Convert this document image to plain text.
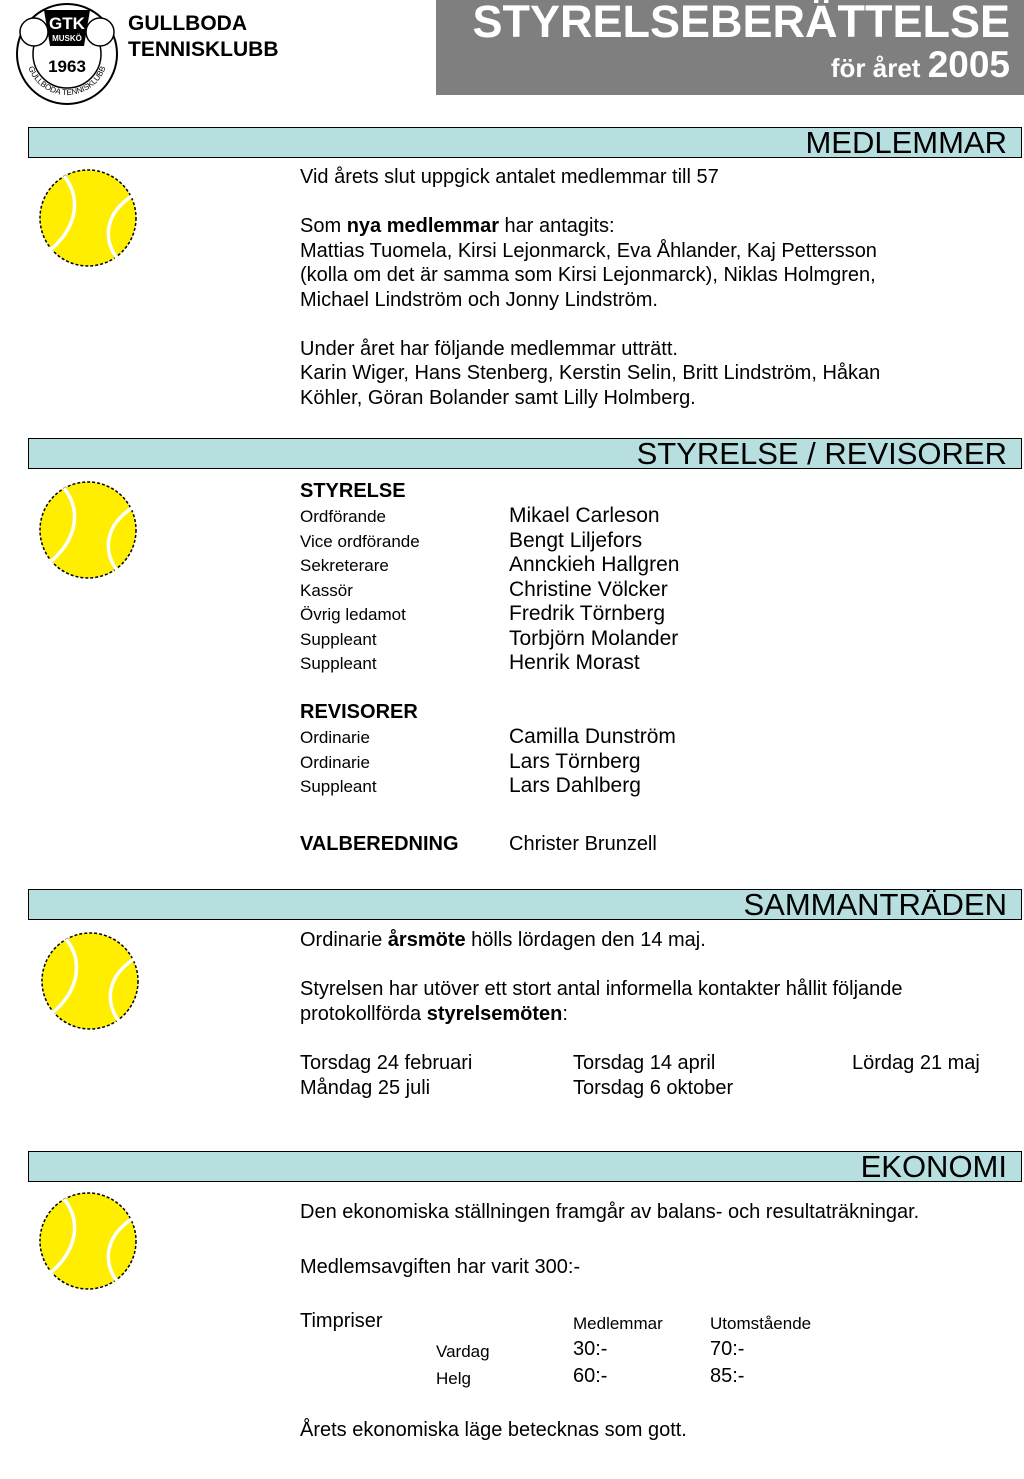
GTK
MUSKÖ
1963
GULLBODA TENNISKLUBB
GULLBODA
TENNISKLUBB
STYRELSEBERÄTTELSE
för året 2005
MEDLEMMAR
Vid årets slut uppgick antalet medlemmar till 57
Som nya medlemmar har antagits:
Mattias Tuomela, Kirsi Lejonmarck, Eva Åhlander, Kaj Pettersson
(kolla om det är samma som Kirsi Lejonmarck), Niklas Holmgren,
Michael Lindström och Jonny Lindström.
Under året har följande medlemmar utträtt.
Karin Wiger, Hans Stenberg, Kerstin Selin, Britt Lindström, Håkan
Köhler, Göran Bolander samt Lilly Holmberg.
STYRELSE / REVISORER
STYRELSE
Ordförande	Mikael Carleson
Vice ordförande	Bengt Liljefors
Sekreterare	Annckieh Hallgren
Kassör	Christine Völcker
Övrig ledamot	Fredrik Törnberg
Suppleant	Torbjörn Molander
Suppleant	Henrik Morast
REVISORER
Ordinarie	Camilla Dunström
Ordinarie	Lars Törnberg
Suppleant	Lars Dahlberg
VALBEREDNING	Christer Brunzell
SAMMANTRÄDEN
Ordinarie årsmöte hölls lördagen den 14 maj.
Styrelsen har utöver ett stort antal informella kontakter hållit följande
protokollförda styrelsemöten:
Torsdag 24 februari	Torsdag 14 april	Lördag 21 maj
Måndag 25 juli	Torsdag 6 oktober
EKONOMI
Den ekonomiska ställningen framgår av balans- och resultaträkningar.
Medlemsavgiften har varit 300:-
Timpriser	Medlemmar	Utomstående
Vardag	30:-	70:-
Helg	60:-	85:-
Årets ekonomiska läge betecknas som gott.
